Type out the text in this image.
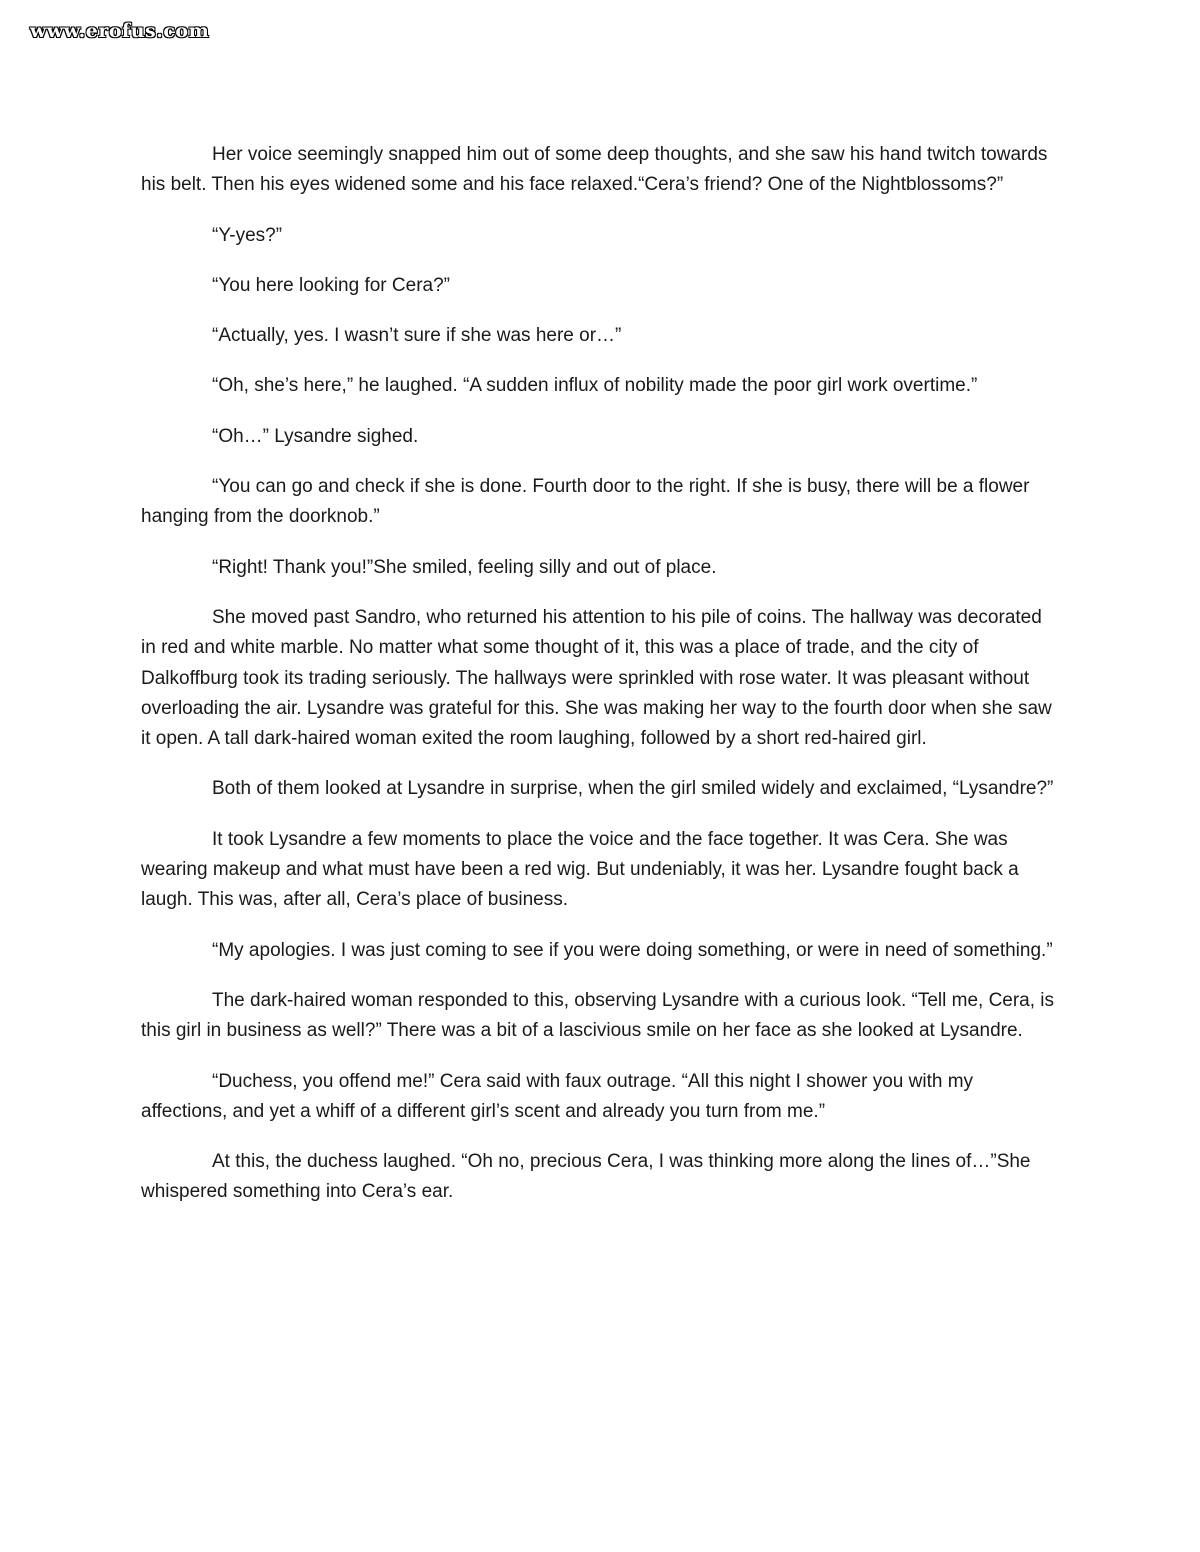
www.erofus.com

Her voice seemingly snapped him out of some deep thoughts, and she saw his hand twitch towards his belt. Then his eyes widened some and his face relaxed.“Cera’s friend? One of the Nightblossoms?”

“Y-yes?”

“You here looking for Cera?”

“Actually, yes. I wasn’t sure if she was here or…”

“Oh, she’s here,” he laughed. “A sudden influx of nobility made the poor girl work overtime.”

“Oh…” Lysandre sighed.

“You can go and check if she is done. Fourth door to the right. If she is busy, there will be a flower hanging from the doorknob.”

“Right! Thank you!”She smiled, feeling silly and out of place.

She moved past Sandro, who returned his attention to his pile of coins. The hallway was decorated in red and white marble. No matter what some thought of it, this was a place of trade, and the city of Dalkoffburg took its trading seriously. The hallways were sprinkled with rose water. It was pleasant without overloading the air. Lysandre was grateful for this. She was making her way to the fourth door when she saw it open. A tall dark-haired woman exited the room laughing, followed by a short red-haired girl.

Both of them looked at Lysandre in surprise, when the girl smiled widely and exclaimed, “Lysandre?”

It took Lysandre a few moments to place the voice and the face together. It was Cera. She was wearing makeup and what must have been a red wig. But undeniably, it was her. Lysandre fought back a laugh. This was, after all, Cera’s place of business.

“My apologies. I was just coming to see if you were doing something, or were in need of something.”

The dark-haired woman responded to this, observing Lysandre with a curious look. “Tell me, Cera, is this girl in business as well?” There was a bit of a lascivious smile on her face as she looked at Lysandre.

“Duchess, you offend me!” Cera said with faux outrage. “All this night I shower you with my affections, and yet a whiff of a different girl’s scent and already you turn from me.”

At this, the duchess laughed. “Oh no, precious Cera, I was thinking more along the lines of…”She whispered something into Cera’s ear.
